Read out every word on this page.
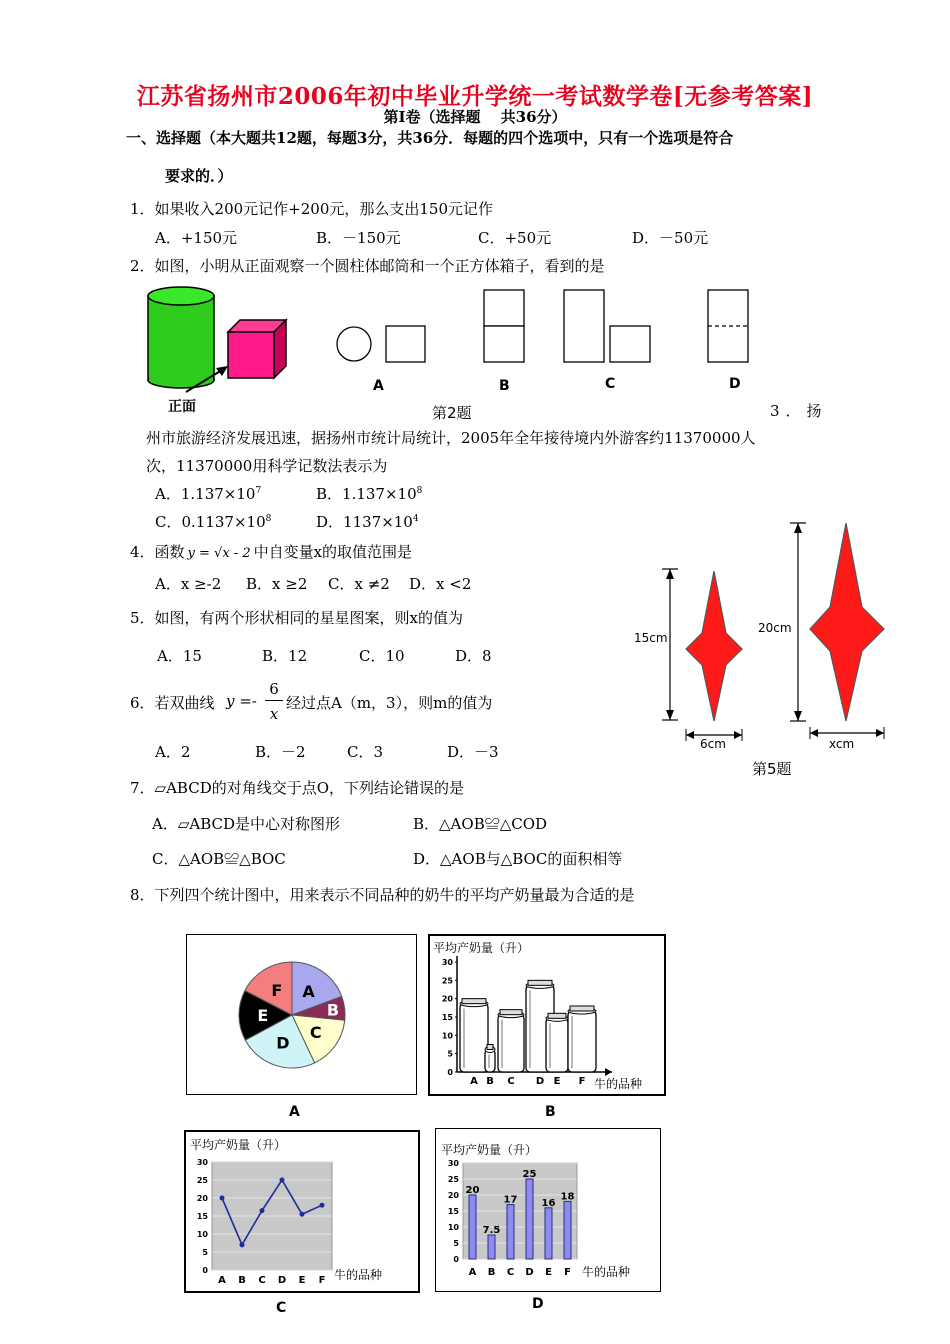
江苏省扬州市2006年初中毕业升学统一考试数学卷[无参考答案]
第Ⅰ卷（选择题　 共36分）
一、选择题（本大题共12题，每题3分，共36分．每题的四个选项中，只有一个选项是符合
要求的．）
1．如果收入200元记作+200元，那么支出150元记作
A．+150元	B．－150元	C．+50元	D．－50元
2．如图，小明从正面观察一个圆柱体邮筒和一个正方体箱子，看到的是
正面
A	B	C	D
第2题	3．扬
州市旅游经济发展迅速，据扬州市统计局统计，2005年全年接待境内外游客约11370000人
次，11370000用科学记数法表示为
A．$1.137\times 10^7$	B．$1.137\times 10^8$
C．$0.1137\times 10^8$	D．$1137\times 10^4$
4．函数 y = √x - 2 中自变量x的取值范围是
A．x ≥-2 B．x ≥2 C．x ≠2 D．x <2
5．如图，有两个形状相同的星星图案，则x的值为
A．15	B．12	C．10	D．8
15cm
6cm
20cm
xcm
第5题
6．若双曲线 y =-
6
x
经过点A（m，3），则m的值为
A．2	B．－2	C．3	D．－3
7．▱ABCD的对角线交于点O，下列结论错误的是
A．▱ABCD是中心对称图形	B．△AOB≌△COD
C．△AOB≌△BOC	D．△AOB与△BOC的面积相等
8．下列四个统计图中，用来表示不同品种的奶牛的平均产奶量最为合适的是
A
B
C
D
E
F
A
30
25
20
15
10
5
0
A B C D E F
平均产奶量（升）
牛的品种
B
30
25
20
15
10
5
0
A B C D E F
平均产奶量（升）
牛的品种
C
30
25
20
15
10
5
0
20
A
7.5
B
17
C
25
D
16
E
18
F
平均产奶量（升）
牛的品种
D
